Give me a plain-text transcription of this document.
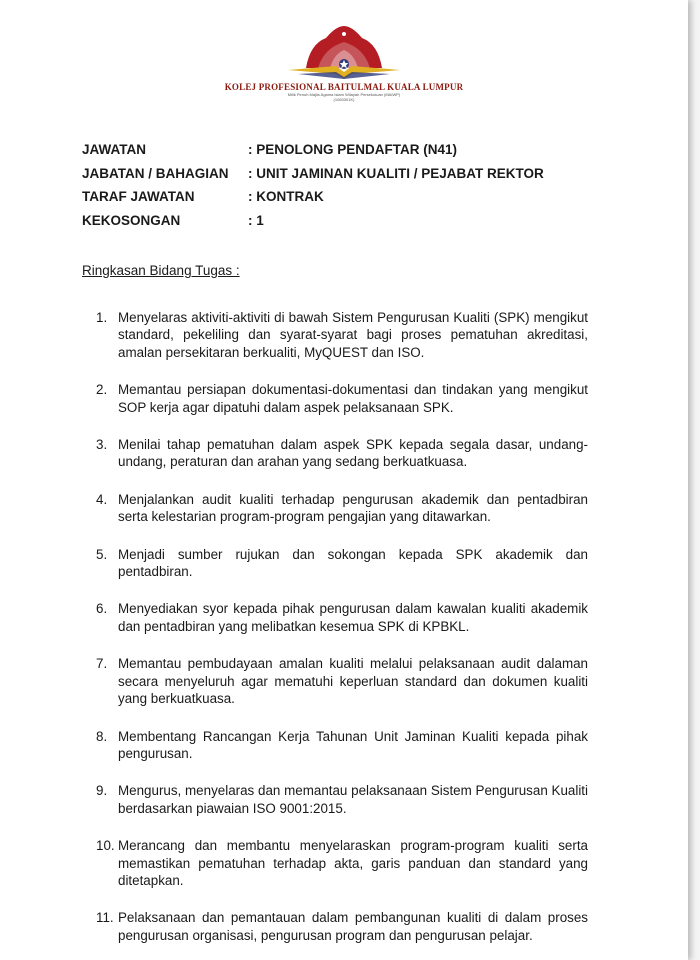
KOLEJ PROFESIONAL BAITULMAL KUALA LUMPUR
Milik Penuh Majlis Agama Islam Wilayah Persekutuan (MAIWP)
(1063301K)
JAWATAN	: PENOLONG PENDAFTAR (N41)
JABATAN / BAHAGIAN : UNIT JAMINAN KUALITI / PEJABAT REKTOR
TARAF JAWATAN	: KONTRAK
KEKOSONGAN	: 1
Ringkasan Bidang Tugas :
1. Menyelaras aktiviti-aktiviti di bawah Sistem Pengurusan Kualiti (SPK) mengikut standard, pekeliling dan syarat-syarat bagi proses pematuhan akreditasi, amalan persekitaran berkualiti, MyQUEST dan ISO.
2. Memantau persiapan dokumentasi-dokumentasi dan tindakan yang mengikut SOP kerja agar dipatuhi dalam aspek pelaksanaan SPK.
3. Menilai tahap pematuhan dalam aspek SPK kepada segala dasar, undang-undang, peraturan dan arahan yang sedang berkuatkuasa.
4. Menjalankan audit kualiti terhadap pengurusan akademik dan pentadbiran serta kelestarian program-program pengajian yang ditawarkan.
5. Menjadi sumber rujukan dan sokongan kepada SPK akademik dan pentadbiran.
6. Menyediakan syor kepada pihak pengurusan dalam kawalan kualiti akademik dan pentadbiran yang melibatkan kesemua SPK di KPBKL.
7. Memantau pembudayaan amalan kualiti melalui pelaksanaan audit dalaman secara menyeluruh agar mematuhi keperluan standard dan dokumen kualiti yang berkuatkuasa.
8. Membentang Rancangan Kerja Tahunan Unit Jaminan Kualiti kepada pihak pengurusan.
9. Mengurus, menyelaras dan memantau pelaksanaan Sistem Pengurusan Kualiti berdasarkan piawaian ISO 9001:2015.
10. Merancang dan membantu menyelaraskan program-program kualiti serta memastikan pematuhan terhadap akta, garis panduan dan standard yang ditetapkan.
11. Pelaksanaan dan pemantauan dalam pembangunan kualiti di dalam proses pengurusan organisasi, pengurusan program dan pengurusan pelajar.
